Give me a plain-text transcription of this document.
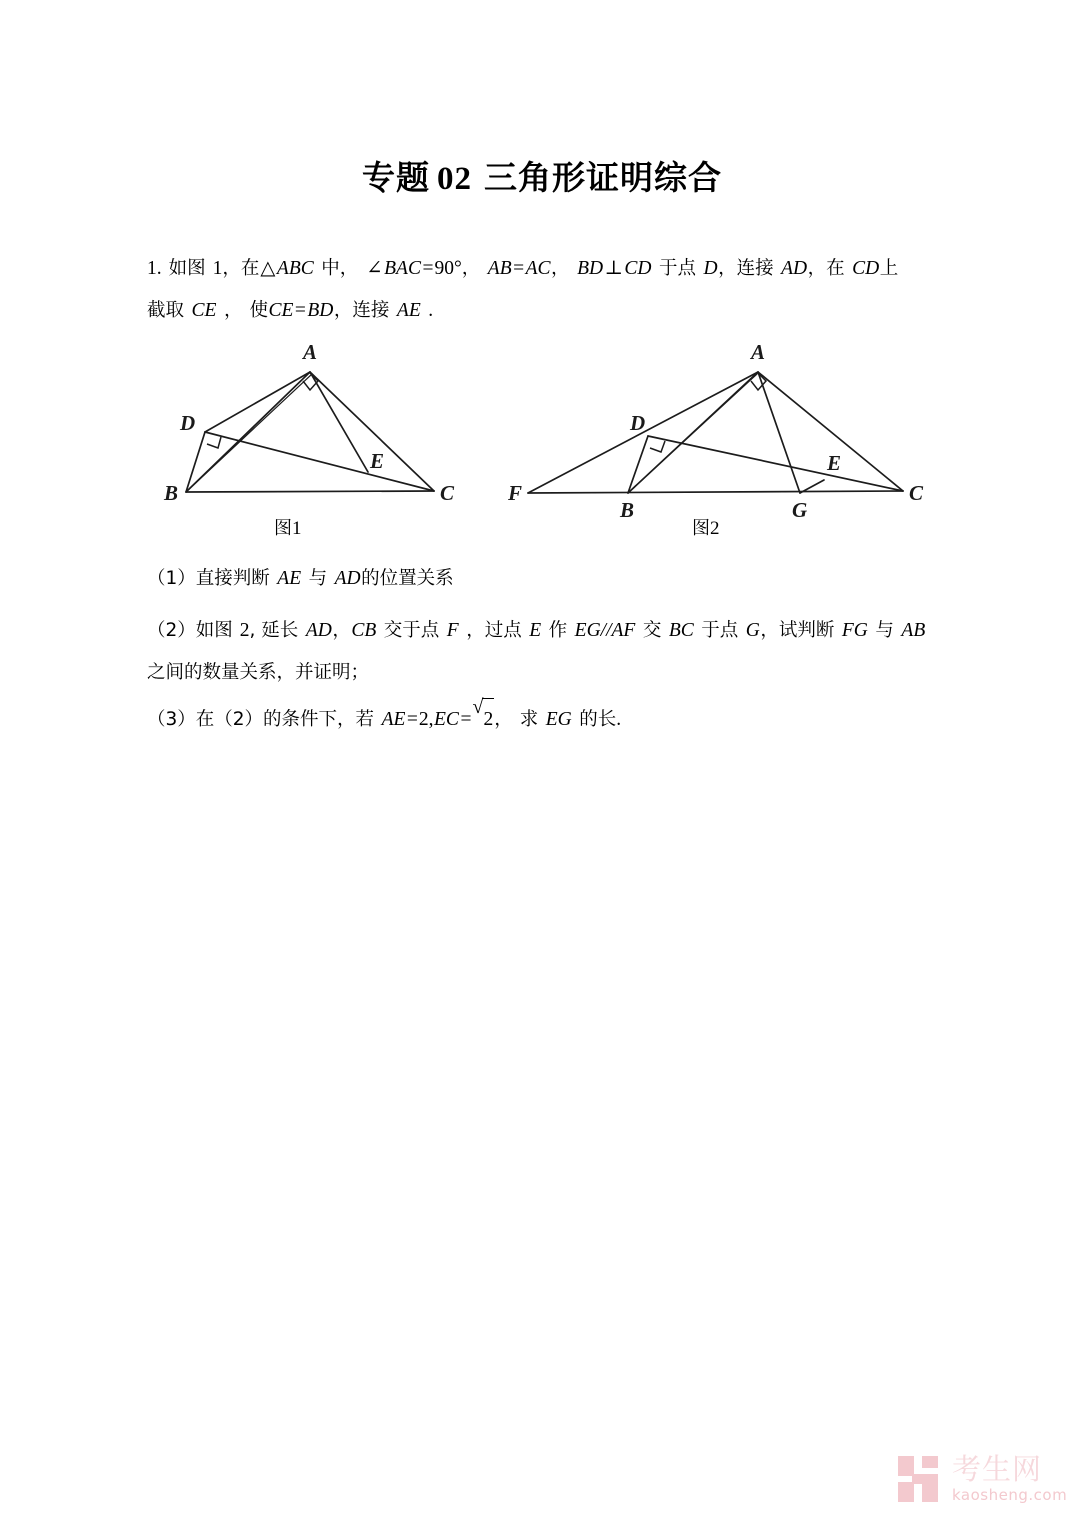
专题 02 三角形证明综合
1. 如图 1，在△ABC 中， ∠BAC=90°， AB=AC， BD⊥CD 于点 D，连接 AD，在 CD上
截取 CE ， 使CE=BD，连接 AE .
A
B	C
D
E
图1
A
B
C
D
E
F
G
图2
（1）直接判断 AE 与 AD的位置关系
（2）如图 2, 延长 AD，CB 交于点 F ，过点 E 作 EG//AF 交 BC 于点 G，试判断 FG 与 AB
之间的数量关系，并证明；
（3）在（2）的条件下，若 AE=2,EC=
√
2， 求 EG 的长.
考生网
kaosheng.com
